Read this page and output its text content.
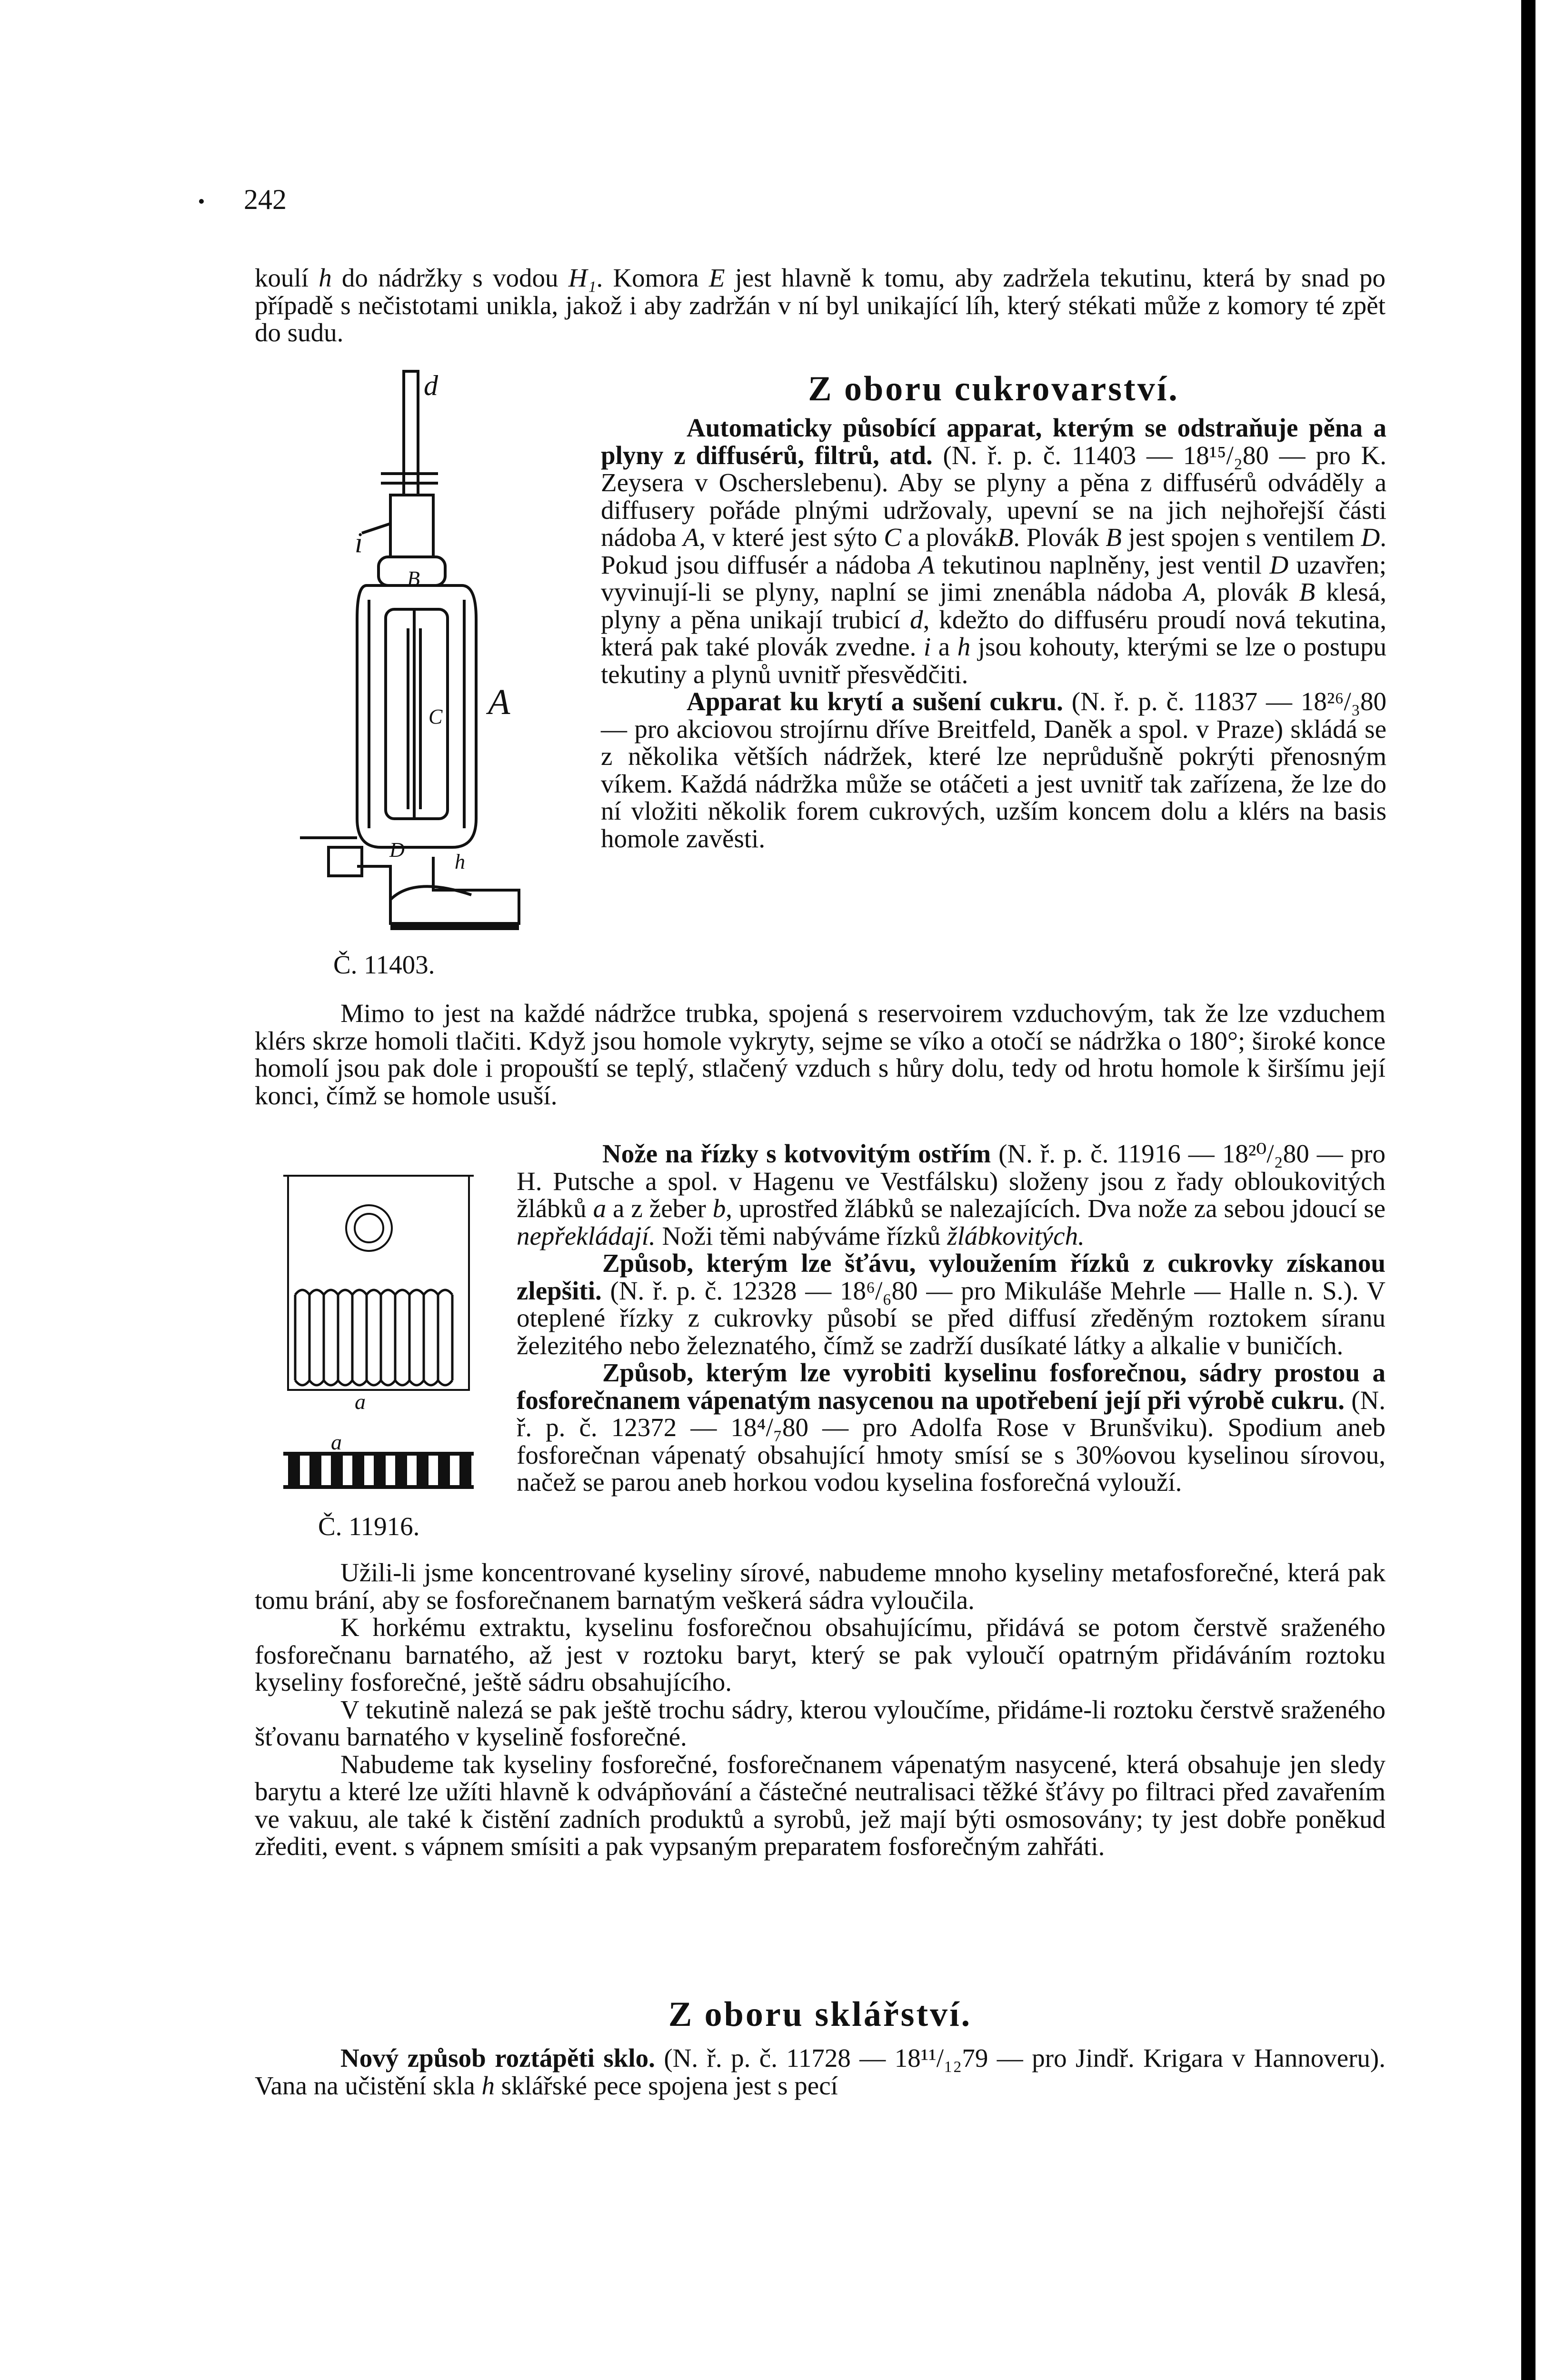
242

koulí h do nádržky s vodou H₁. Komora E jest hlavně k tomu, aby zadržela tekutinu, která by snad po případě s nečistotami unikla, jakož i aby zadržán v ní byl unikající líh, který stékati může z komory té zpět do sudu.

Z oboru cukrovarství.
d
i
B
A
C
D
h
Č. 11403.

Automaticky působící apparat, kterým se odstraňuje pěna a plyny z diffusérů, filtrů, atd. (N. ř. p. č. 11403 — 18¹⁵/₂80 — pro K. Zeysera v Oscherslebenu). Aby se plyny a pěna z diffusérů odváděly a diffusery pořáde plnými udržovaly, upevní se na jich nejhořejší části nádoba A, v které jest sýto C a plovákB. Plovák B jest spojen s ventilem D. Pokud jsou diffusér a nádoba A tekutinou naplněny, jest ventil D uzavřen; vyvinují-li se plyny, naplní se jimi znenábla nádoba A, plovák B klesá, plyny a pěna unikají trubicí d, kdežto do diffuséru proudí nová tekutina, která pak také plovák zvedne. i a h jsou kohouty, kterými se lze o postupu tekutiny a plynů uvnitř přesvědčiti.
Apparat ku krytí a sušení cukru. (N. ř. p. č. 11837 — 18²⁶/₃80 — pro akciovou strojírnu dříve Breitfeld, Daněk a spol. v Praze) skládá se z několika větších nádržek, které lze neprůdušně pokrýti přenosným víkem. Každá nádržka může se otáčeti a jest uvnitř tak zařízena, že lze do ní vložiti několik forem cukrových, uzším koncem dolu a klérs na basis homole zavěsti.

Mimo to jest na každé nádržce trubka, spojená s reservoirem vzduchovým, tak že lze vzduchem klérs skrze homoli tlačiti. Když jsou homole vykryty, sejme se víko a otočí se nádržka o 180°; široké konce homolí jsou pak dole i propouští se teplý, stlačený vzduch s hůry dolu, tedy od hrotu homole k širšímu její konci, čímž se homole usuší.

a
a
Č. 11916.

Nože na řízky s kotvovitým ostřím (N. ř. p. č. 11916 — 18²⁰/₂80 — pro H. Putsche a spol. v Hagenu ve Vestfálsku) složeny jsou z řady obloukovitých žlábků a a z žeber b, uprostřed žlábků se nalezajících. Dva nože za sebou jdoucí se nepřekládají. Noži těmi nabýváme řízků žlábkovitých.
Způsob, kterým lze šťávu, vyloužením řízků z cukrovky získanou zlepšiti. (N. ř. p. č. 12328 — 18⁶/₆80 — pro Mikuláše Mehrle — Halle n. S.). V oteplené řízky z cukrovky působí se před diffusí zředěným roztokem síranu železitého nebo železnatého, čímž se zadrží dusíkaté látky a alkalie v buničích.
Způsob, kterým lze vyrobiti kyselinu fosforečnou, sádry prostou a fosforečnanem vápenatým nasycenou na upotřebení její při výrobě cukru. (N. ř. p. č. 12372 — 18⁴/₇80 — pro Adolfa Rose v Brunšviku). Spodium aneb fosforečnan vápenatý obsahující hmoty smísí se s 30%ovou kyselinou sírovou, načež se parou aneb horkou vodou kyselina fosforečná vylouží.

Užili-li jsme koncentrované kyseliny sírové, nabudeme mnoho kyseliny metafosforečné, která pak tomu brání, aby se fosforečnanem barnatým veškerá sádra vyloučila.
K horkému extraktu, kyselinu fosforečnou obsahujícímu, přidává se potom čerstvě sraženého fosforečnanu barnatého, až jest v roztoku baryt, který se pak vyloučí opatrným přidáváním roztoku kyseliny fosforečné, ještě sádru obsahujícího.
V tekutině nalezá se pak ještě trochu sádry, kterou vyloučíme, přidáme-li roztoku čerstvě sraženého šťovanu barnatého v kyselině fosforečné.
Nabudeme tak kyseliny fosforečné, fosforečnanem vápenatým nasycené, která obsahuje jen sledy barytu a které lze užíti hlavně k odvápňování a částečné neutralisaci těžké šťávy po filtraci před zavařením ve vakuu, ale také k čistění zadních produktů a syrobů, jež mají býti osmosovány; ty jest dobře poněkud zřediti, event. s vápnem smísiti a pak vypsaným preparatem fosforečným zahřáti.

Z oboru sklářství.

Nový způsob roztápěti sklo. (N. ř. p. č. 11728 — 18¹¹/₁₂79 — pro Jindř. Krigara v Hannoveru). Vana na učistění skla h sklářské pece spojena jest s pecí
